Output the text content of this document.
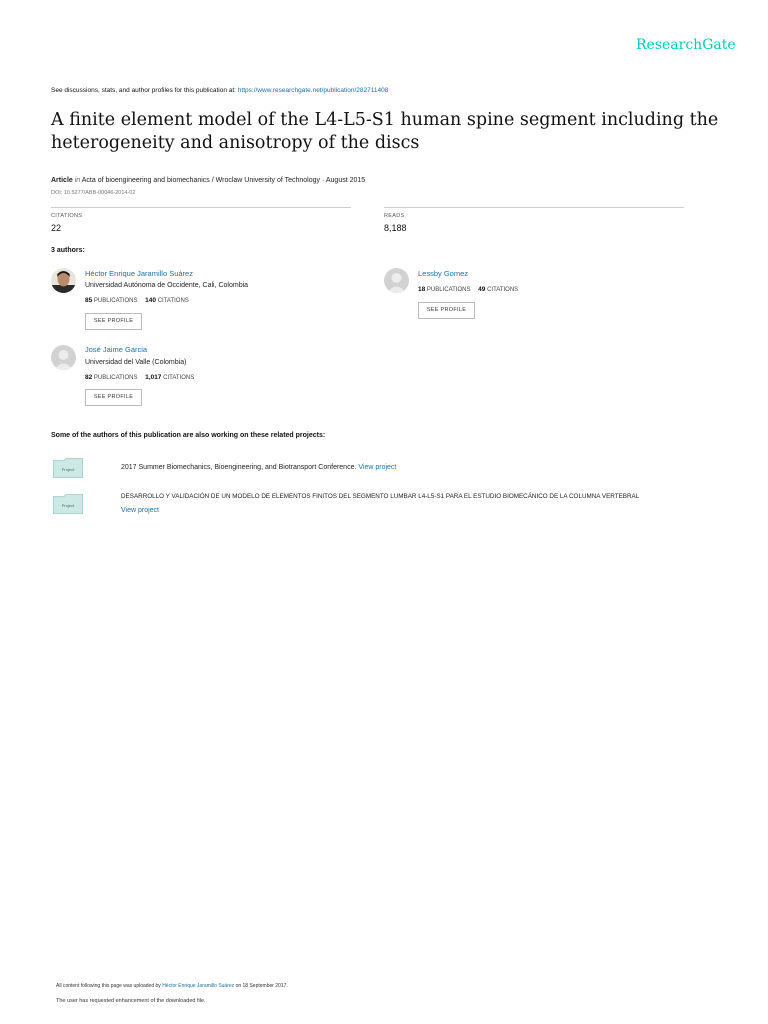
ResearchGate
See discussions, stats, and author profiles for this publication at: https://www.researchgate.net/publication/282711408
A finite element model of the L4-L5-S1 human spine segment including the heterogeneity and anisotropy of the discs
Article in Acta of bioengineering and biomechanics / Wroclaw University of Technology · August 2015
DOI: 10.5277/ABB-00046-2014-02
CITATIONS
22
READS
8,188
3 authors:
Héctor Enrique Jaramillo Suárez
Universidad Autónoma de Occidente, Cali, Colombia
85 PUBLICATIONS 140 CITATIONS
SEE PROFILE
Lessby Gomez
18 PUBLICATIONS 49 CITATIONS
SEE PROFILE
José Jaime Garcia
Universidad del Valle (Colombia)
82 PUBLICATIONS 1,017 CITATIONS
SEE PROFILE
Some of the authors of this publication are also working on these related projects:
Project	2017 Summer Biomechanics, Bioengineering, and Biotransport Conference. View project
Project
DESARROLLO Y VALIDACIÓN DE UN MODELO DE ELEMENTOS FINITOS DEL SEGMENTO LUMBAR L4-L5-S1 PARA EL ESTUDIO BIOMECÁNICO DE LA COLUMNA VERTEBRAL
View project
All content following this page was uploaded by Héctor Enrique Jaramillo Suárez on 18 September 2017.
The user has requested enhancement of the downloaded file.
